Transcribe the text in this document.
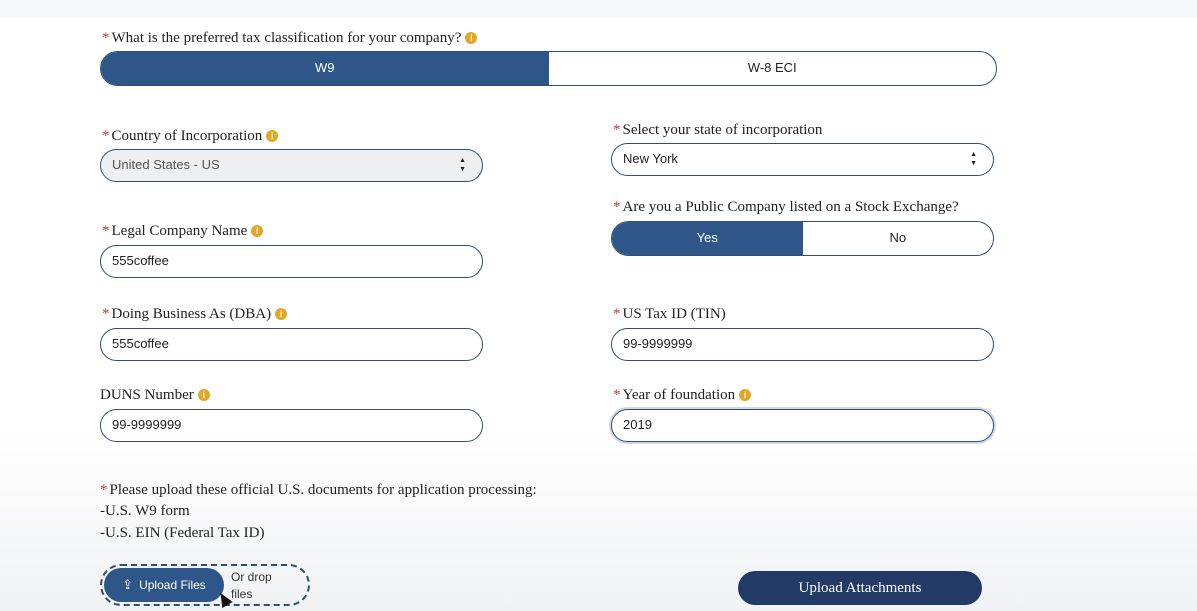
* What is the preferred tax classification for your company? i
W9	W-8 ECI
* Country of Incorporation i
United States - US	▲
▼
* Select your state of incorporation
New York	▲
▼
* Are you a Public Company listed on a Stock Exchange?
Yes	No
* Legal Company Name i
555coffee
* Doing Business As (DBA) i
555coffee
* US Tax ID (TIN)
99-9999999
DUNS Number i
99-9999999
* Year of foundation i
2019
* Please upload these official U.S. documents for application processing:
-U.S. W9 form
-U.S. EIN (Federal Tax ID)
⇪ Upload Files
Or drop
files	Upload Attachments
